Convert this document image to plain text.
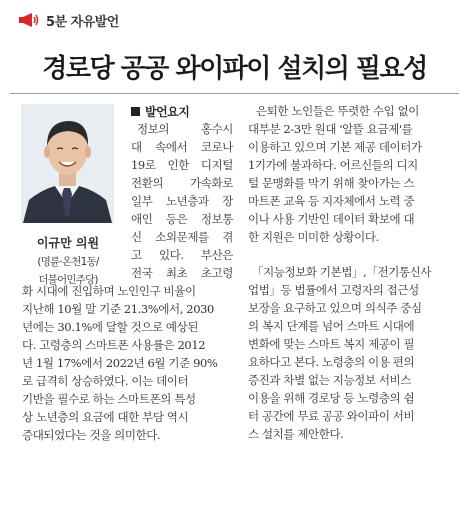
5분 자유발언
경로당 공공 와이파이 설치의 필요성
이규만 의원
(명륜·온천1동/
더불어민주당)
발언요지
정보의 홍수시
대 속에서 코로나
19로 인한 디지털
전환의 가속화로
일부 노년층과 장
애인 등은 정보통
신 소외문제를 겪
고 있다. 부산은
전국 최초 초고령
화 시대에 진입하며 노인인구 비율이
지난해 10월 말 기준 21.3%에서, 2030
년에는 30.1%에 달할 것으로 예상된
다. 고령층의 스마트폰 사용률은 2012
년 1월 17%에서 2022년 6월 기준 90%
로 급격히 상승하였다. 이는 데이터
기반을 필수로 하는 스마트폰의 특성
상 노년층의 요금에 대한 부담 역시
증대되었다는 것을 의미한다.
은퇴한 노인들은 뚜렷한 수입 없이
대부분 2-3만 원대 '알뜰 요금제'를
이용하고 있으며 기본 제공 데이터가
1기가에 불과하다. 어르신들의 디지
털 문맹화를 막기 위해 찾아가는 스
마트폰 교육 등 지자체에서 노력 중
이나 사용 기반인 데이터 확보에 대
한 지원은 미미한 상황이다.
「지능정보화 기본법」,「전기통신사
업법」등 법률에서 고령자의 접근성
보장을 요구하고 있으며 의식주 중심
의 복지 단계를 넘어 스마트 시대에
변화에 맞는 스마트 복지 제공이 필
요하다고 본다. 노령층의 이용 편의
증진과 차별 없는 지능정보 서비스
이용을 위해 경로당 등 노령층의 쉼
터 공간에 무료 공공 와이파이 서비
스 설치를 제안한다.
